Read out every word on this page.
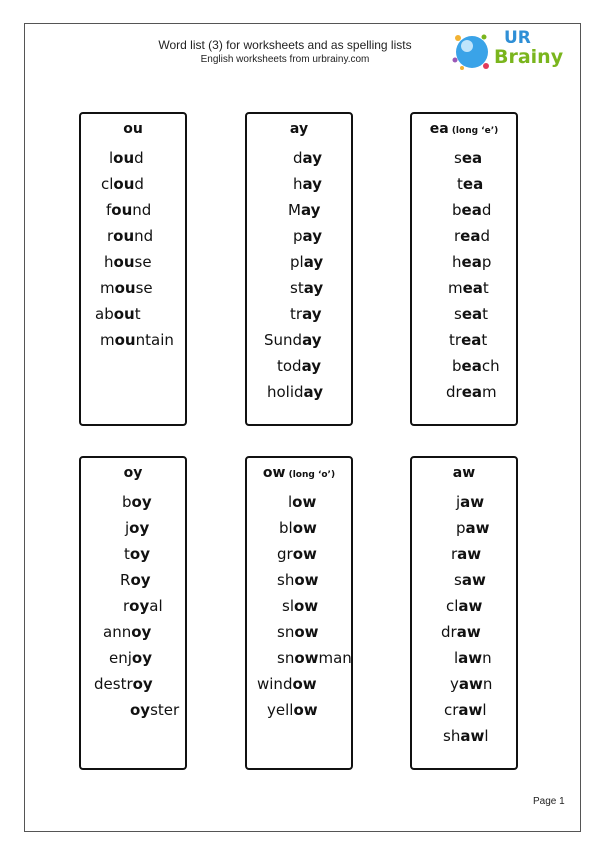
Word list (3) for worksheets and as spelling lists
English worksheets from urbrainy.com
UR
Brainy
ou
loud
cloud
found
round
house
mouse
about
mountain
ay
day
hay
May
pay
play
stay
tray
Sunday
today
holiday
ea (long ‘e’)
sea
tea
bead
read
heap
meat
seat
treat
beach
dream
oy
boy
joy
toy
Roy
royal
annoy
enjoy
destroy
oyster
ow (long ‘o’)
low
blow
grow
show
slow
snow
snowman
window
yellow
aw
jaw
paw
raw
saw
claw
draw
lawn
yawn
crawl
shawl
Page 1
